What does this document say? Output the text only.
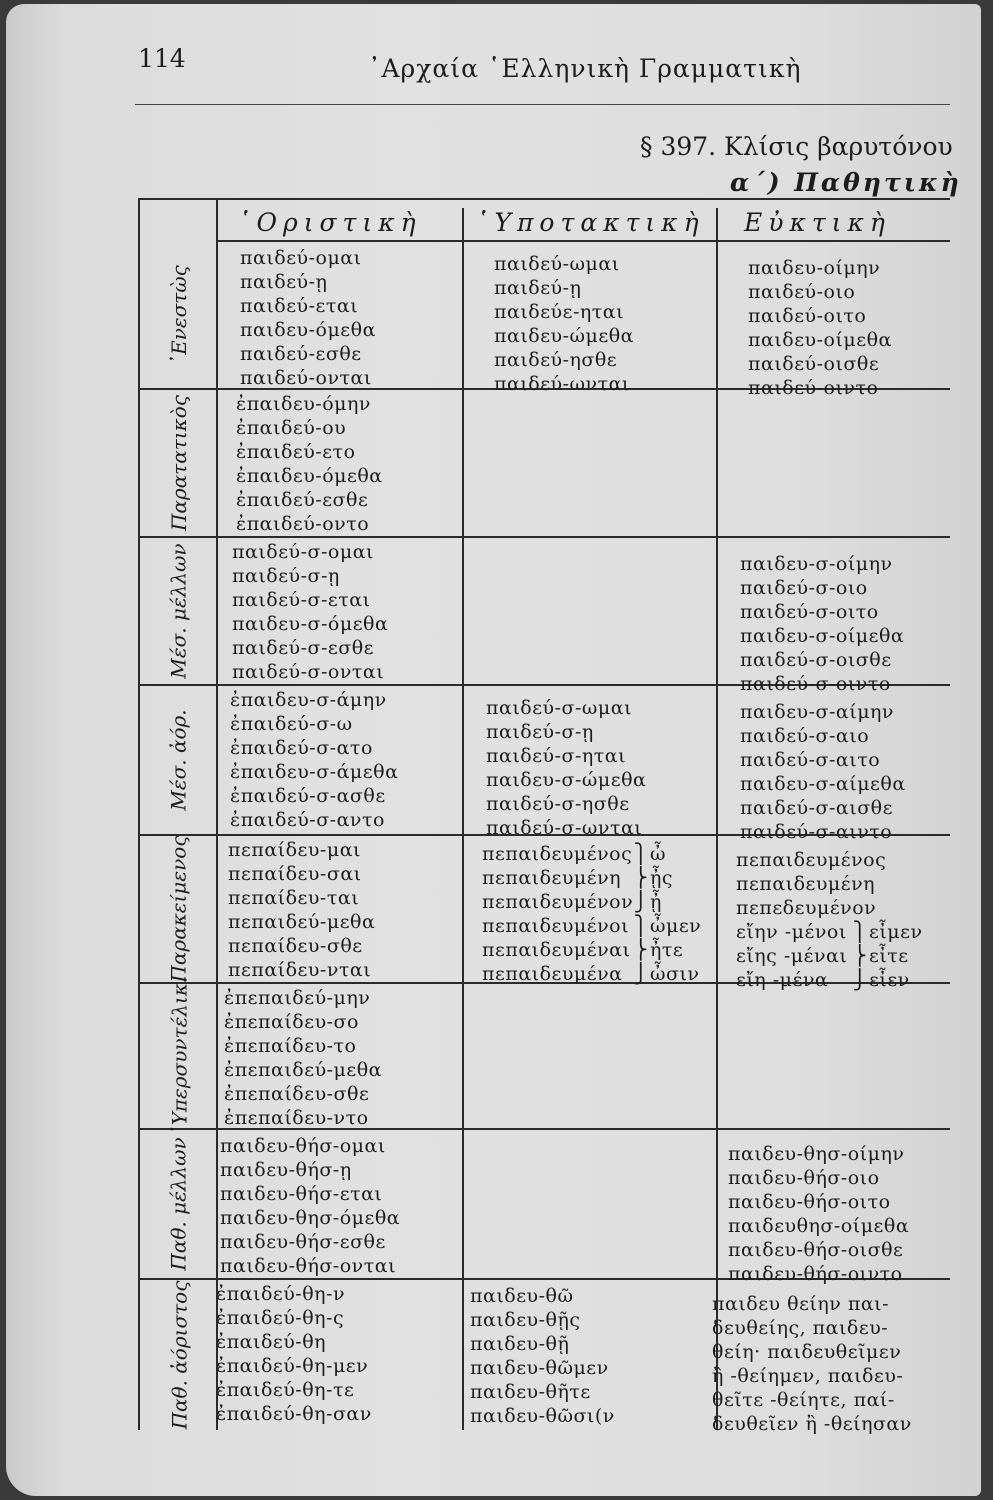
114	᾽Αρχαία ῾Ελληνικὴ Γραμματικὴ
§ 397. Κλίσις βαρυτόνου
α΄) Παθητικὴ
῾Οριστικὴ ῾Υποτακτικὴ Εὐκτικὴ
᾽Ενεστὼς
Παρατατικὸς
Μέσ. μέλλων
Μέσ. ἀόρ.
Παρακείμενος
῾Υπερσυντέλικ.
Παθ. μέλλων
Παθ. ἀόριστος
παιδεύ-ομαι
παιδεύ-ῃ
παιδεύ-εται
παιδευ-όμεθα
παιδεύ-εσθε
παιδεύ-ονται
παιδεύ-ωμαι
παιδεύ-ῃ
παιδεύε-ηται
παιδευ-ώμεθα
παιδεύ-ησθε
παιδεύ-ωνται
παιδευ-οίμην
παιδεύ-οιο
παιδεύ-οιτο
παιδευ-οίμεθα
παιδεύ-οισθε
παιδεύ-οιντο
ἐπαιδευ-όμην
ἐπαιδεύ-ου
ἐπαιδεύ-ετο
ἐπαιδευ-όμεθα
ἐπαιδεύ-εσθε
ἐπαιδεύ-οντο
παιδεύ-σ-ομαι
παιδεύ-σ-ῃ
παιδεύ-σ-εται
παιδευ-σ-όμεθα
παιδεύ-σ-εσθε
παιδεύ-σ-ονται
παιδευ-σ-οίμην
παιδεύ-σ-οιο
παιδεύ-σ-οιτο
παιδευ-σ-οίμεθα
παιδεύ-σ-οισθε
παιδεύ-σ-οιντο
ἐπαιδευ-σ-άμην
ἐπαιδεύ-σ-ω
ἐπαιδεύ-σ-ατο
ἐπαιδευ-σ-άμεθα
ἐπαιδεύ-σ-ασθε
ἐπαιδεύ-σ-αντο
παιδεύ-σ-ωμαι
παιδεύ-σ-ῃ
παιδεύ-σ-ηται
παιδευ-σ-ώμεθα
παιδεύ-σ-ησθε
παιδεύ-σ-ωνται
παιδευ-σ-αίμην
παιδεύ-σ-αιο
παιδεύ-σ-αιτο
παιδευ-σ-αίμεθα
παιδεύ-σ-αισθε
παιδεύ-σ-αιντο
πεπαίδευ-μαι
πεπαίδευ-σαι
πεπαίδευ-ται
πεπαιδεύ-μεθα
πεπαίδευ-σθε
πεπαίδευ-νται
πεπαιδευμένος ⎫ ὦ
πεπαιδευμένη ⎬ ᾖς
πεπαιδευμένον ⎭ ᾖ
πεπαιδευμένοι ⎫ ὦμεν
πεπαιδευμέναι ⎬ ἦτε
πεπαιδευμένα ⎭ ὦσιν
πεπαιδευμένος
πεπαιδευμένη
πεπεδευμένον
εἴην -μένοι ⎫ εἶμεν
εἴης -μέναι ⎬ εἶτε
εἴη -μένα	⎭ εἶεν
ἐπεπαιδεύ-μην
ἐπεπαίδευ-σο
ἐπεπαίδευ-το
ἐπεπαιδεύ-μεθα
ἐπεπαίδευ-σθε
ἐπεπαίδευ-ντο
παιδευ-θήσ-ομαι
παιδευ-θήσ-ῃ
παιδευ-θήσ-εται
παιδευ-θησ-όμεθα
παιδευ-θήσ-εσθε
παιδευ-θήσ-ονται
παιδευ-θησ-οίμην
παιδευ-θήσ-οιο
παιδευ-θήσ-οιτο
παιδευθησ-οίμεθα
παιδευ-θήσ-οισθε
παιδευ-θήσ-οιντο
ἐπαιδεύ-θη-ν
ἐπαιδεύ-θη-ς
ἐπαιδεύ-θη
ἐπαιδεύ-θη-μεν
ἐπαιδεύ-θη-τε
ἐπαιδεύ-θη-σαν
παιδευ-θῶ
παιδευ-θῇς
παιδευ-θῇ
παιδευ-θῶμεν
παιδευ-θῆτε
παιδευ-θῶσι(ν
παιδευ θείην παι-
δευθείης, παιδευ-
θείη· παιδευθεῖμεν
ἢ -θείημεν, παιδευ-
θεῖτε -θείητε, παί-
δευθεῖεν ἢ -θείησαν
